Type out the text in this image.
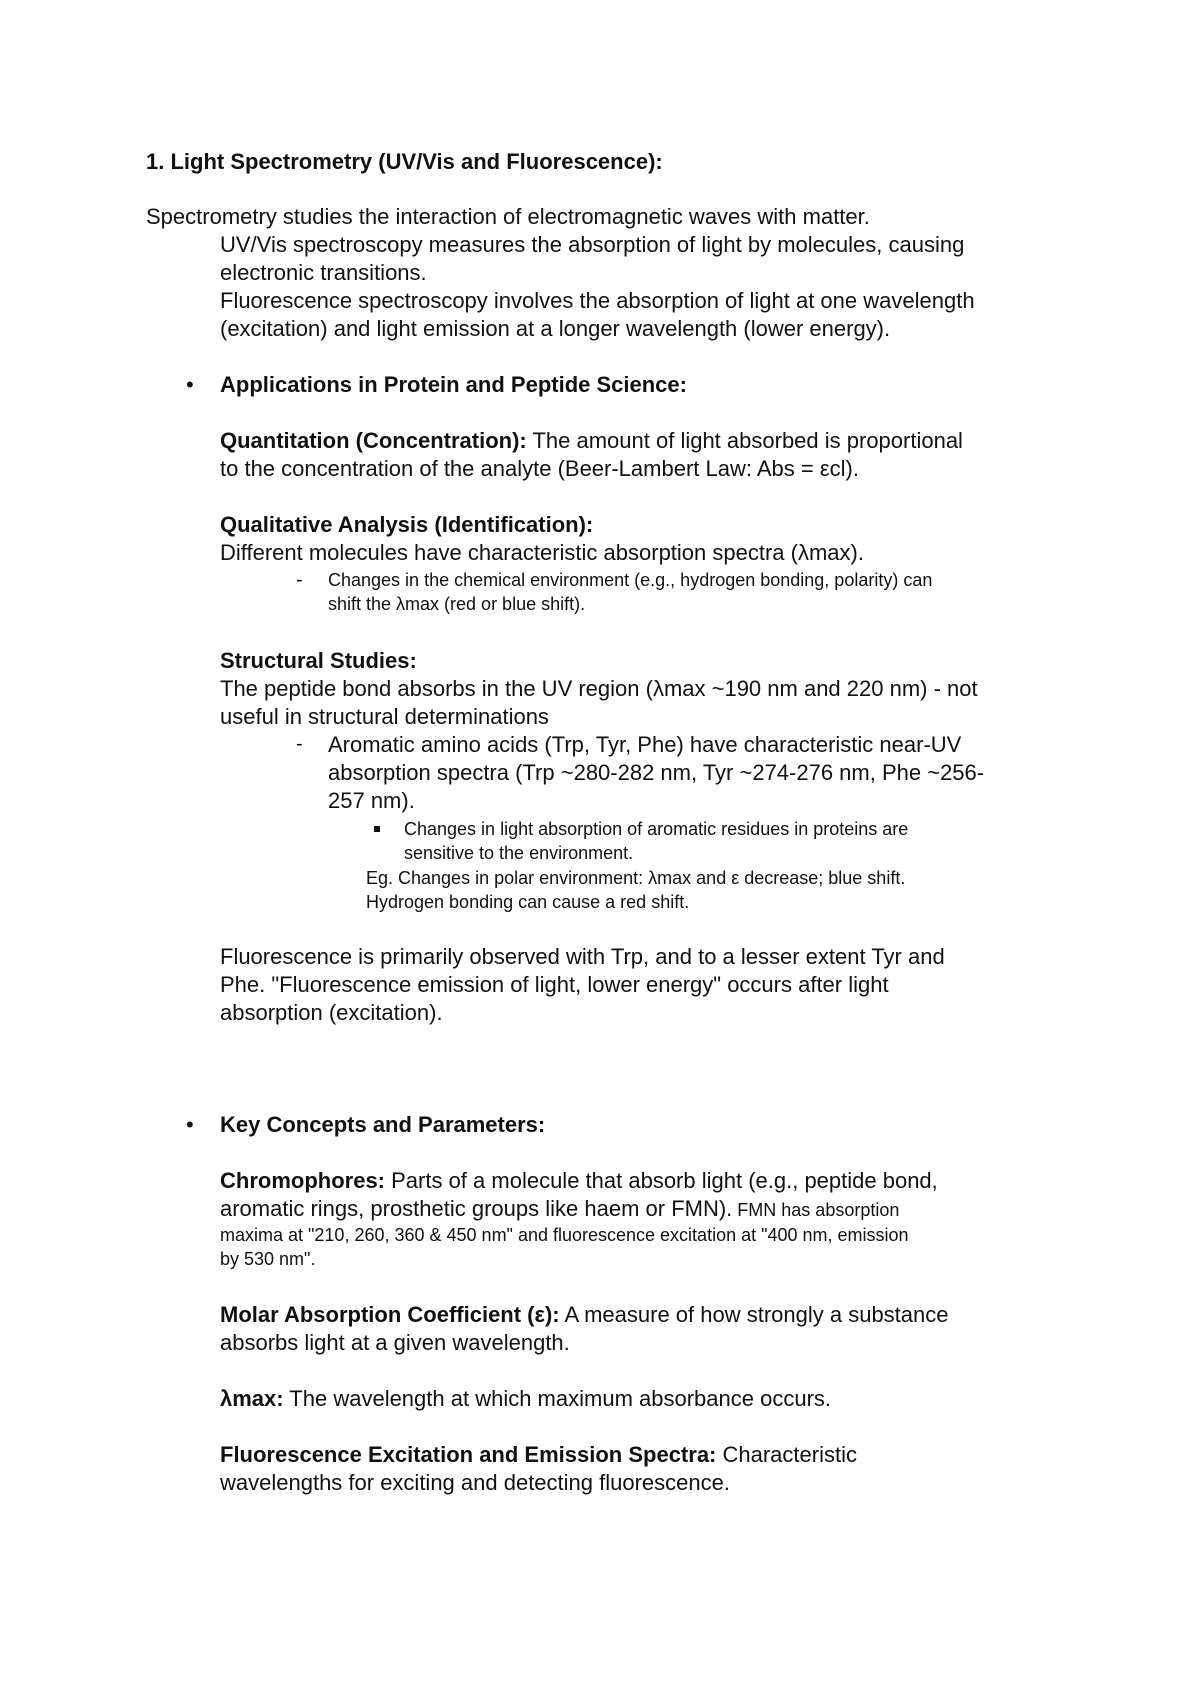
1. Light Spectrometry (UV/Vis and Fluorescence):
Spectrometry studies the interaction of electromagnetic waves with matter.
UV/Vis spectroscopy measures the absorption of light by molecules, causing
electronic transitions.
Fluorescence spectroscopy involves the absorption of light at one wavelength
(excitation) and light emission at a longer wavelength (lower energy).
• Applications in Protein and Peptide Science:
Quantitation (Concentration): The amount of light absorbed is proportional
to the concentration of the analyte (Beer-Lambert Law: Abs = εcl).
Qualitative Analysis (Identification):
Different molecules have characteristic absorption spectra (λmax).
- Changes in the chemical environment (e.g., hydrogen bonding, polarity) can
shift the λmax (red or blue shift).
Structural Studies:
The peptide bond absorbs in the UV region (λmax ~190 nm and 220 nm) - not
useful in structural determinations
- Aromatic amino acids (Trp, Tyr, Phe) have characteristic near-UV
absorption spectra (Trp ~280-282 nm, Tyr ~274-276 nm, Phe ~256-
257 nm).
Changes in light absorption of aromatic residues in proteins are
sensitive to the environment.
Eg. Changes in polar environment: λmax and ε decrease; blue shift.
Hydrogen bonding can cause a red shift.
Fluorescence is primarily observed with Trp, and to a lesser extent Tyr and
Phe. "Fluorescence emission of light, lower energy" occurs after light
absorption (excitation).
• Key Concepts and Parameters:
Chromophores: Parts of a molecule that absorb light (e.g., peptide bond,
aromatic rings, prosthetic groups like haem or FMN). FMN has absorption
maxima at "210, 260, 360 & 450 nm" and fluorescence excitation at "400 nm, emission
by 530 nm".
Molar Absorption Coefficient (ε): A measure of how strongly a substance
absorbs light at a given wavelength.
λmax: The wavelength at which maximum absorbance occurs.
Fluorescence Excitation and Emission Spectra: Characteristic
wavelengths for exciting and detecting fluorescence.
